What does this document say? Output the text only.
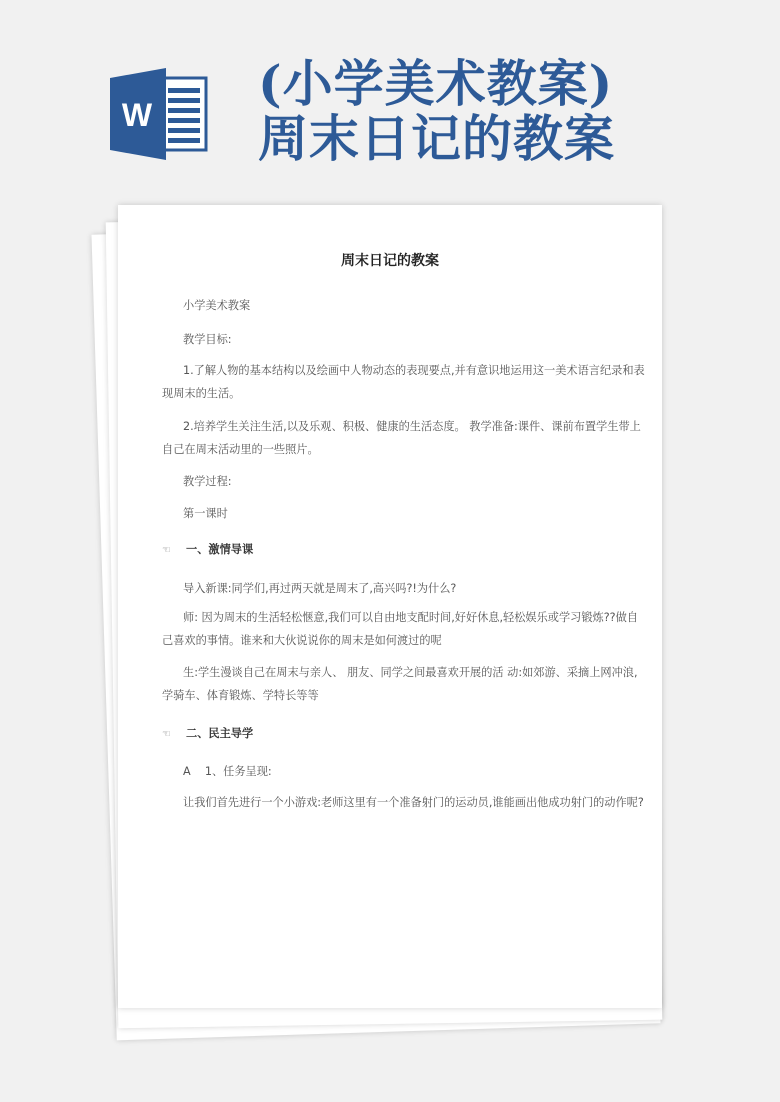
W
(小学美术教案)
周末日记的教案
周末日记的教案
小学美术教案
教学目标:
1.了解人物的基本结构以及绘画中人物动态的表现要点,并有意识地运用这一美术语言纪录和表现周末的生活。
2.培养学生关注生活,以及乐观、积极、健康的生活态度。 教学准备:课件、课前布置学生带上自己在周末活动里的一些照片。
教学过程:
第一课时
☜ 一、激情导课
导入新课:同学们,再过两天就是周末了,高兴吗?!为什么?
师: 因为周末的生活轻松惬意,我们可以自由地支配时间,好好休息,轻松娱乐或学习锻炼??做自己喜欢的事情。谁来和大伙说说你的周末是如何渡过的呢
生:学生漫谈自己在周末与亲人、 朋友、同学之间最喜欢开展的活 动:如郊游、采摘上网冲浪,学骑车、体育锻炼、学特长等等
☜ 二、民主导学
A    1、任务呈现:
让我们首先进行一个小游戏:老师这里有一个准备射门的运动员,谁能画出他成功射门的动作呢?
